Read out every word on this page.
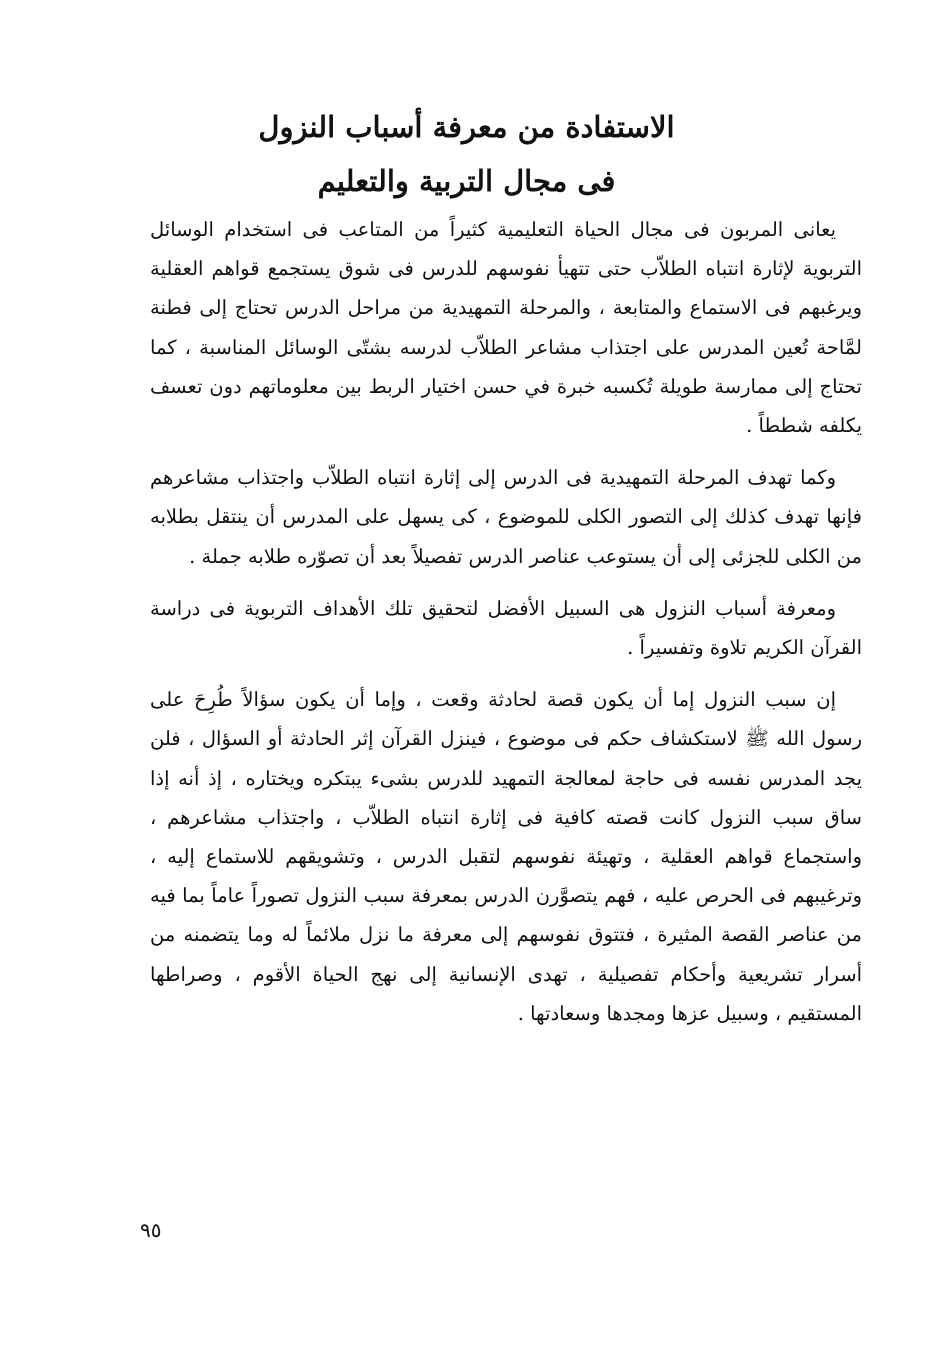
الاستفادة من معرفة أسباب النزول
فى مجال التربية والتعليم

يعانى المربون فى مجال الحياة التعليمية كثيراً من المتاعب فى استخدام الوسائل التربوية لإثارة انتباه الطلاّب حتى تتهيأ نفوسهم للدرس فى شوق يستجمع قواهم العقلية ويرغبهم فى الاستماع والمتابعة ، والمرحلة التمهيدية من مراحل الدرس تحتاج إلى فطنة لمَّاحة تُعين المدرس على اجتذاب مشاعر الطلاّب لدرسه بشتّى الوسائل المناسبة ، كما تحتاج إلى ممارسة طويلة تُكسبه خبرة في حسن اختيار الربط بين معلوماتهم دون تعسف يكلفه شططاً .

وكما تهدف المرحلة التمهيدية فى الدرس إلى إثارة انتباه الطلاّب واجتذاب مشاعرهم فإنها تهدف كذلك إلى التصور الكلى للموضوع ، كى يسهل على المدرس أن ينتقل بطلابه من الكلى للجزئى إلى أن يستوعب عناصر الدرس تفصيلاً بعد أن تصوّره طلابه جملة .

ومعرفة أسباب النزول هى السبيل الأفضل لتحقيق تلك الأهداف التربوية فى دراسة القرآن الكريم تلاوة وتفسيراً .

إن سبب النزول إما أن يكون قصة لحادثة وقعت ، وإما أن يكون سؤالاً طُرِحَ على رسول الله ﷺ لاستكشاف حكم فى موضوع ، فينزل القرآن إثر الحادثة أو السؤال ، فلن يجد المدرس نفسه فى حاجة لمعالجة التمهيد للدرس بشىء يبتكره ويختاره ، إذ أنه إذا ساق سبب النزول كانت قصته كافية فى إثارة انتباه الطلاّب ، واجتذاب مشاعرهم ، واستجماع قواهم العقلية ، وتهيئة نفوسهم لتقبل الدرس ، وتشويقهم للاستماع إليه ، وترغيبهم فى الحرص عليه ، فهم يتصوَّرن الدرس بمعرفة سبب النزول تصوراً عاماً بما فيه من عناصر القصة المثيرة ، فتتوق نفوسهم إلى معرفة ما نزل ملائماً له وما يتضمنه من أسرار تشريعية وأحكام تفصيلية ، تهدى الإنسانية إلى نهج الحياة الأقوم ، وصراطها المستقيم ، وسبيل عزها ومجدها وسعادتها .

٩٥
